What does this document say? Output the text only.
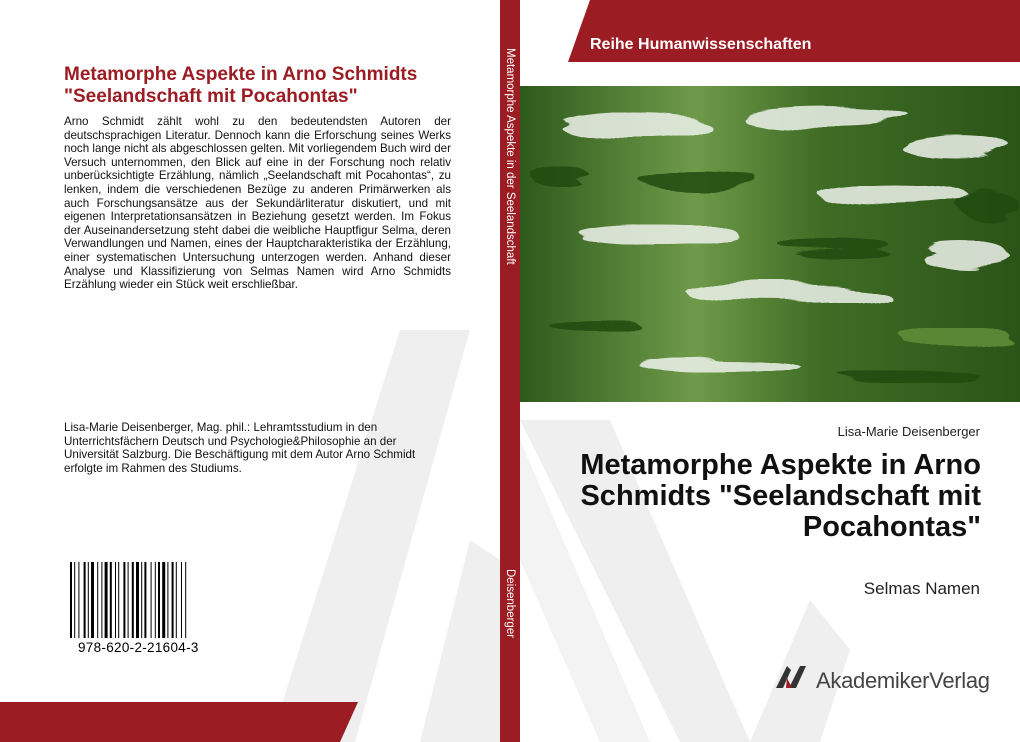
Metamorphe Aspekte in Arno Schmidts "Seelandschaft mit Pocahontas"
Arno Schmidt zählt wohl zu den bedeutendsten Autoren der deutschsprachigen Literatur. Dennoch kann die Erforschung seines Werks noch lange nicht als abgeschlossen gelten. Mit vorliegendem Buch wird der Versuch unternommen, den Blick auf eine in der Forschung noch relativ unberücksichtigte Erzählung, nämlich „Seelandschaft mit Pocahontas“, zu lenken, indem die verschiedenen Bezüge zu anderen Primärwerken als auch Forschungsansätze aus der Sekundärliteratur diskutiert, und mit eigenen Interpretationsansätzen in Beziehung gesetzt werden. Im Fokus der Auseinandersetzung steht dabei die weibliche Hauptfigur Selma, deren Verwandlungen und Namen, eines der Hauptcharakteristika der Erzählung, einer systematischen Untersuchung unterzogen werden. Anhand dieser Analyse und Klassifizierung von Selmas Namen wird Arno Schmidts Erzählung wieder ein Stück weit erschließbar.
Lisa-Marie Deisenberger, Mag. phil.: Lehramtsstudium in den Unterrichtsfächern Deutsch und Psychologie&Philosophie an der Universität Salzburg. Die Beschäftigung mit dem Autor Arno Schmidt erfolgte im Rahmen des Studiums.
978-620-2-21604-3
Metamorphe Aspekte in der Seelandschaft
Deisenberger
Reihe Humanwissenschaften
Lisa-Marie Deisenberger
Metamorphe Aspekte in Arno Schmidts "Seelandschaft mit Pocahontas"
Selmas Namen
AkademikerVerlag
